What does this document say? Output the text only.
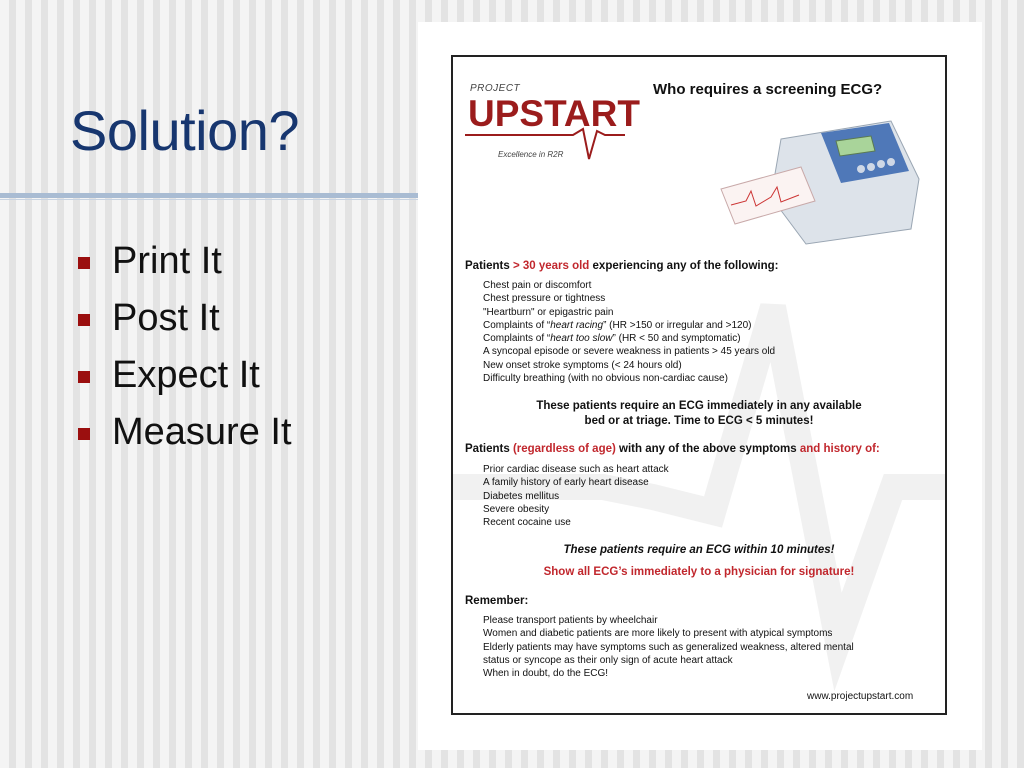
Solution?
Print It
Post It
Expect It
Measure It
PROJECT
UPSTART
Excellence in R2R
Who requires a screening ECG?
Patients > 30 years old experiencing any of the following:
Chest pain or discomfort
Chest pressure or tightness
"Heartburn" or epigastric pain
Complaints of “heart racing” (HR >150 or irregular and >120)
Complaints of “heart too slow” (HR < 50 and symptomatic)
A syncopal episode or severe weakness in patients > 45 years old
New onset stroke symptoms (< 24 hours old)
Difficulty breathing (with no obvious non-cardiac cause)
These patients require an ECG immediately in any available
bed or at triage. Time to ECG < 5 minutes!
Patients (regardless of age) with any of the above symptoms and history of:
Prior cardiac disease such as heart attack
A family history of early heart disease
Diabetes mellitus
Severe obesity
Recent cocaine use
These patients require an ECG within 10 minutes!
Show all ECG’s immediately to a physician for signature!
Remember:
Please transport patients by wheelchair
Women and diabetic patients are more likely to present with atypical symptoms
Elderly patients may have symptoms such as generalized weakness, altered mental
status or syncope as their only sign of acute heart attack
When in doubt, do the ECG!
www.projectupstart.com
